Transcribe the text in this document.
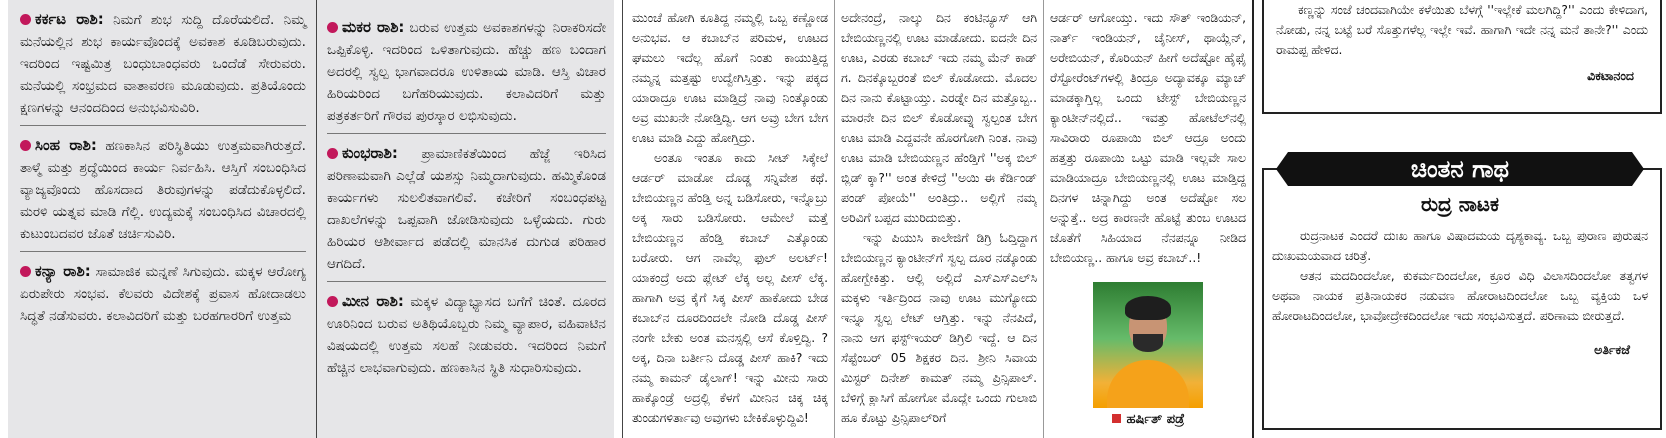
ಕರ್ಕಟ ರಾಶಿ: ನಿಮಗೆ ಶುಭ ಸುದ್ದಿ ದೊರೆಯಲಿದೆ. ನಿಮ್ಮ ಮನೆಯಲ್ಲಿನ ಶುಭ ಕಾರ್ಯವೊಂದಕ್ಕೆ ಅವಕಾಶ ಕೂಡಿಬರುವುದು. ಇದರಿಂದ ಇಷ್ಟಮಿತ್ರ ಬಂಧುಬಾಂಧವರು ಒಂದೆಡೆ ಸೇರುವರು. ಮನೆಯಲ್ಲಿ ಸಂಭ್ರಮದ ವಾತಾವರಣ ಮೂಡುವುದು. ಪ್ರತಿಯೊಂದು ಕ್ಷಣಗಳನ್ನು ಆನಂದದಿಂದ ಅನುಭವಿಸುವಿರಿ.
ಸಿಂಹ ರಾಶಿ: ಹಣಕಾಸಿನ ಪರಿಸ್ಥಿತಿಯು ಉತ್ತಮವಾಗಿರುತ್ತದೆ. ತಾಳ್ಮೆ ಮತ್ತು ಶ್ರದ್ಧೆಯಿಂದ ಕಾರ್ಯ ನಿರ್ವಹಿಸಿ. ಆಸ್ತಿಗೆ ಸಂಬಂಧಿಸಿದ ವ್ಯಾಜ್ಯವೊಂದು ಹೊಸದಾದ ತಿರುವುಗಳನ್ನು ಪಡೆದುಕೊಳ್ಳಲಿದೆ. ಮರಳಿ ಯತ್ನವ ಮಾಡಿ ಗೆಲ್ಲಿ. ಉದ್ಯಮಕ್ಕೆ ಸಂಬಂಧಿಸಿದ ವಿಚಾರದಲ್ಲಿ ಕುಟುಂಬದವರ ಜೊತೆ ಚರ್ಚಿಸುವಿರಿ.
ಕನ್ಯಾ ರಾಶಿ: ಸಾಮಾಜಿಕ ಮನ್ನಣೆ ಸಿಗುವುದು. ಮಕ್ಕಳ ಆರೋಗ್ಯ ಏರುಪೇರು ಸಂಭವ. ಕೆಲವರು ವಿದೇಶಕ್ಕೆ ಪ್ರವಾಸ ಹೋದಾಡಲು ಸಿದ್ಧತೆ ನಡೆಸುವರು. ಕಲಾವಿದರಿಗೆ ಮತ್ತು ಬರಹಗಾರರಿಗೆ ಉತ್ತಮ
ಮಕರ ರಾಶಿ: ಬರುವ ಉತ್ತಮ ಅವಕಾಶಗಳನ್ನು ನಿರಾಕರಿಸದೇ ಒಪ್ಪಿಕೊಳ್ಳಿ. ಇದರಿಂದ ಒಳಿತಾಗುವುದು. ಹೆಚ್ಚು ಹಣ ಬಂದಾಗ ಅದರಲ್ಲಿ ಸ್ವಲ್ಪ ಭಾಗವಾದರೂ ಉಳಿತಾಯ ಮಾಡಿ. ಆಸ್ತಿ ವಿಚಾರ ಹಿರಿಯರಿಂದ ಬಗೆಹರಿಯುವುದು. ಕಲಾವಿದರಿಗೆ ಮತ್ತು ಪತ್ರಕರ್ತರಿಗೆ ಗೌರವ ಪುರಸ್ಕಾರ ಲಭಿಸುವುದು.
ಕುಂಭರಾಶಿ: ಪ್ರಾಮಾಣಿಕತೆಯಿಂದ ಹೆಜ್ಜೆ ಇರಿಸಿದ ಪರಿಣಾಮವಾಗಿ ಎಲ್ಲೆಡೆ ಯಶಸ್ಸು ನಿಮ್ಮದಾಗುವುದು. ಹಮ್ಮಿಕೊಂಡ ಕಾರ್ಯಗಳು ಸುಲಲಿತವಾಗಲಿವೆ. ಕಚೇರಿಗೆ ಸಂಬಂಧಪಟ್ಟ ದಾಖಲೆಗಳನ್ನು ಒಪ್ಪವಾಗಿ ಜೋಡಿಸುವುದು ಒಳ್ಳೆಯದು. ಗುರು ಹಿರಿಯರ ಆಶೀರ್ವಾದ ಪಡೆದಲ್ಲಿ ಮಾನಸಿಕ ದುಗುಡ ಪರಿಹಾರ ಆಗದಿದೆ.
ಮೀನ ರಾಶಿ: ಮಕ್ಕಳ ವಿದ್ಯಾಭ್ಯಾಸದ ಬಗೆಗೆ ಚಿಂತೆ. ದೂರದ ಊರಿನಿಂದ ಬರುವ ಅತಿಥಿಯೊಬ್ಬರು ನಿಮ್ಮ ವ್ಯಾಪಾರ, ವಹಿವಾಟಿನ ವಿಷಯದಲ್ಲಿ ಉತ್ತಮ ಸಲಹೆ ನೀಡುವರು. ಇದರಿಂದ ನಿಮಗೆ ಹೆಚ್ಚಿನ ಲಾಭವಾಗುವುದು. ಹಣಕಾಸಿನ ಸ್ಥಿತಿ ಸುಧಾರಿಸುವುದು.

ಮುಂಚೆ ಹೋಗಿ ಕೂತಿದ್ದ ನಮ್ಮಲ್ಲಿ ಒಬ್ಬ ಕಣ್ಣೋಡ ಅನುಭವ. ಆ ಕಬಾಬ್‌ನ ಪರಿಮಳ, ಊಟದ ಘಮಲು ಇದೆಲ್ಲ ಹೊಗೆ ನಿಂತು ಕಾಯುತ್ತಿದ್ದ ನಮ್ಮನ್ನ ಮತ್ತಷ್ಟು ಉದ್ವೇಗಿಸ್ತಿತ್ತು. ಇನ್ನು ಪಕ್ಕದ ಯಾರಾದ್ರೂ ಊಟ ಮಾಡ್ತಿದ್ರೆ ನಾವು ನಿಂತ್ಕೊಂಡು ಅವ್ರ ಮುಖನೇ ನೋಡ್ತಿದ್ವಿ. ಆಗ ಅವ್ರು ಬೇಗ ಬೇಗ ಊಟ ಮಾಡಿ ಎದ್ದು ಹೋಗ್ತಿದ್ರು.

ಅಂತೂ ಇಂತೂ ಕಾದು ಸೀಟ್ ಸಿಕ್ಕೇಲೆ ಆರ್ಡರ್ ಮಾಡೋ ದೊಡ್ಡ ಸನ್ನಿವೇಶ ಕಥೆ. ಬೇಬಿಯಣ್ಣನ ಹೆಂಡ್ತಿ ಅನ್ನ ಬಡಿಸೋರು, ಇನ್ನೊಬ್ರು ಅಕ್ಕ ಸಾರು ಬಡಿಸೋರು. ಆಮೇಲೆ ಮತ್ತೆ ಬೇಬಿಯಣ್ಣನ ಹೆಂಡ್ತಿ ಕಬಾಬ್ ಎತ್ಕೊಂಡು ಬರೋರು. ಆಗ ನಾವೆಲ್ಲ ಫುಲ್ ಅಲರ್ಟ್! ಯಾಕಂದ್ರೆ ಅದು ಪ್ಲೇಟ್ ಲೆಕ್ಕ ಅಲ್ಲ ಪೀಸ್ ಲೆಕ್ಕ. ಹಾಗಾಗಿ ಅವ್ರ ಕೈಗೆ ಸಿಕ್ಕ ಪೀಸ್ ಹಾಕೋದು ಬೇಡ ಕಬಾಬ್‌ನ ದೂರದಿಂದಲೇ ನೋಡಿ ದೊಡ್ಡ ಪೀಸ್ ನಂಗೇ ಬೇಕು ಅಂತ ಮನಸ್ಸಲ್ಲಿ ಆಸೆ ಕೊಳ್ತಿದ್ವಿ. ?ಅಕ್ಕ, ದಿನಾ ಬರ್ತೀನಿ ದೊಡ್ಡ ಪೀಸ್ ಹಾಕಿ? ಇದು ನಮ್ಮ ಕಾಮನ್ ಡೈಲಾಗ್! ಇನ್ನು ಮೀನು ಸಾರು ಹಾಕ್ಕೊಂಡ್ರೆ ಅದ್ರಲ್ಲಿ ಕೆಳಗೆ ಮೀನಿನ ಚಿಕ್ಕ ಚಿಕ್ಕ ತುಂಡುಗಳಿರ್ತಾವು ಅವುಗಳು ಬೇಕಿಕೊಳ್ಳುದ್ದಿವಿ!

ಅದೇನಂದ್ರೆ, ನಾಲ್ಕು ದಿನ ಕಂಟಿನ್ಯೂಸ್ ಆಗಿ ಬೇಬಿಯಣ್ಣನಲ್ಲಿ ಊಟ ಮಾಡೋದು. ಐದನೇ ದಿನ ಊಟ, ಎರಡು ಕಬಾಬ್ ಇದು ನಮ್ಮ ಮೆನ್ ಕಾಡ್ ಗ. ದಿನಕ್ಕೊಬ್ಬರಂತೆ ಬಿಲ್ ಕೊಡೋದು. ಮೊದಲ ದಿನ ನಾನು ಕೊಟ್ಟಾಯ್ತು. ಎರಡ್ನೇ ದಿನ ಮತ್ತೊಬ್ಬ.. ಮಾರನೇ ದಿನ ಬಿಲ್ ಕೊಡೋವ್ನು ಸ್ವಲ್ಪಂತ ಬೇಗ ಊಟ ಮಾಡಿ ಎದ್ದವನೇ ಹೊರಗೋಗಿ ನಿಂತ. ನಾವು ಊಟ ಮಾಡಿ ಬೇಬಿಯಣ್ಣನ ಹೆಂಡ್ತಿಗೆ ''ಅಕ್ಕ ಬಿಲ್ ಬ್ಲಿಡ್ ಕ್ಕಾ?'' ಅಂತ ಕೇಳಿದ್ರೆ ''ಅಯಿ ಈ ಕೆರ್ಡಿಂಡ್ ಪಂಡ್ ಪೋಯೆ'' ಅಂತಿದ್ರು.. ಅಲ್ಲಿಗೆ ನಮ್ಮ ಅರಿವಿಗೆ ಬಪ್ಪದ ಮುರಿದುಬಿತ್ತು.

ಇನ್ನು ಪಿಯುಸಿ ಕಾಲೇಜಿಗೆ ಡಿಗ್ರಿ ಓದ್ತಿದ್ದಾಗ ಬೇಬಿಯಣ್ಣನ ಕ್ಯಾಂಟೀನ್‌ಗೆ ಸ್ವಲ್ಪ ದೂರ ನಡ್ಕೊಂಡು ಹೋಗ್ಬೇಕಿತ್ತು. ಆಲ್ಲಿ ಅಲ್ಲಿದೆ ಎಸ್‌ಎಸ್‌ಎಲ್‌ಸಿ ಮಕ್ಕಳು ಇರ್ತಿದ್ರಿಂದ ನಾವು ಊಟ ಮುಗ್ಯೋದು ಇನ್ನೂ ಸ್ವಲ್ಪ ಲೇಟ್ ಆಗ್ತಿತ್ತು. ಇನ್ನು ನೆನಪಿದೆ, ನಾನು ಆಗ ಫಸ್ಟ್‌ಇಯರ್ ಡಿಗ್ರಿಲಿ ಇದ್ದೆ. ಆ ದಿನ ಸೆಪ್ಟೆಂಬರ್ 05 ಶಿಕ್ಷಕರ ದಿನ. ಶ್ರೀನಿ ಸಿವಾಯ ಮಿಸ್ಟರ್ ದಿನೇಶ್ ಕಾಮತ್ ನಮ್ಮ ಪ್ರಿನ್ಸಿಪಾಲ್. ಬೆಳಿಗ್ಗೆ ಕ್ಲಾಸಿಗೆ ಹೋಗೋ ಮೊದ್ಲೇ ಒಂದು ಗುಲಾಬಿ ಹೂ ಕೊಟ್ಟು ಪ್ರಿನ್ಸಿಪಾಲ್‌ರಿಗೆ

ಆರ್ಡರ್ ಆಗೋಯ್ತು. ಇದು ಸೌತ್ ಇಂಡಿಯನ್, ನಾರ್ತ್ ಇಂಡಿಯನ್, ಚೈನೀಸ್, ಥಾಯ್ಲೆನ್, ಅರೇಬಿಯನ್, ಕೊರಿಯನ್ ಹೀಗೆ ಅದೆಷ್ಟೋ ಹೈಫೈ ರೆಸ್ಟೋರೆಂಟ್‌ಗಳಲ್ಲಿ ತಿಂದ್ರೂ ಅದ್ಯಾವಕ್ಕೂ ಮ್ಯಾಚ್ ಮಾಡಕ್ಕಾಗ್ತಿಲ್ಲ ಒಂದು ಟೇಸ್ಟ್ ಬೇಬಿಯಣ್ಣನ ಕ್ಯಾಂಟೀನ್‌ನಲ್ಲಿದೆ.. ಇವತ್ತು ಹೋಟೆಲ್‌ನಲ್ಲಿ ಸಾವಿರಾರು ರೂಪಾಯಿ ಬಿಲ್ ಆದ್ರೂ ಅಂದು ಹತ್ತತ್ತು ರೂಪಾಯಿ ಒಟ್ಟು ಮಾಡಿ ಇಲ್ಲವೇ ಸಾಲ ಮಾಡಿಯಾದ್ರೂ ಬೇಬಿಯಣ್ಣನಲ್ಲಿ ಊಟ ಮಾಡ್ತಿದ್ದ ದಿನಗಳ ಚಿನ್ನಾಗಿದ್ದು ಅಂತ ಅದೆಷ್ಟೋ ಸಲ ಅನ್ನುತ್ತೆ.. ಅದ್ರ ಕಾರಣನೇ ಹೊಟ್ಟೆ ತುಂಬ ಊಟದ ಜೊತೆಗೆ ಸಿಹಿಯಾದ ನೆನಪನ್ನೂ ನೀಡಿದ ಬೇಬಿಯಣ್ಣ.. ಹಾಗೂ ಅವ್ರ ಕಬಾಬ್..!

ಹರ್ಷಿತ್ ಪಡ್ರೆ

ಕಣ್ಣನ್ನು ಸಂಜೆ ಚಂದವಾಗಿಯೇ ಕಳೆಯಿತು ಬೆಳಗ್ಗೆ ''ಇಲ್ಲೇಕೆ ಮಲಗಿದ್ದಿ?'' ಎಂದು ಕೇಳಿದಾಗ, ನೋಡು, ನನ್ನ ಬಟ್ಟೆ ಬರೆ ಸೊತ್ತುಗಳೆಲ್ಲ ಇಲ್ಲೇ ಇವೆ. ಹಾಗಾಗಿ ಇದೇ ನನ್ನ ಮನೆ ತಾನೇ?'' ಎಂದು ರಾಮಪ್ಪ ಹೇಳಿದ.

ವಿಕಟಾನಂದ
ಚಿಂತನ ಗಾಥ
ರುದ್ರ ನಾಟಕ

ರುದ್ರನಾಟಕ ಎಂದರೆ ದುಃಖ ಹಾಗೂ ವಿಷಾದಮಯ ದೃಶ್ಯಕಾವ್ಯ. ಒಬ್ಬ ಪುರಾಣ ಪುರುಷನ ದುಃಖಮಯವಾದ ಚರಿತ್ರೆ.

ಆತನ ಮದದಿಂದಲೋ, ಕುಕರ್ಮದಿಂದಲೋ, ಕ್ರೂರ ವಿಧಿ ವಿಲಾಸದಿಂದಲೋ ತತ್ವಗಳ ಅಥವಾ ನಾಯಕ ಪ್ರತಿನಾಯಕರ ನಡುವಣ ಹೋರಾಟದಿಂದಲೋ ಒಬ್ಬ ವ್ಯಕ್ತಿಯ ಒಳ ಹೋರಾಟದಿಂದಲೋ, ಭಾವೋದ್ರೇಕದಿಂದಲೋ ಇದು ಸಂಭವಿಸುತ್ತದೆ. ಪರಿಣಾಮ ಬೀರುತ್ತದೆ.

ಅರ್ತಿಕಜೆ
